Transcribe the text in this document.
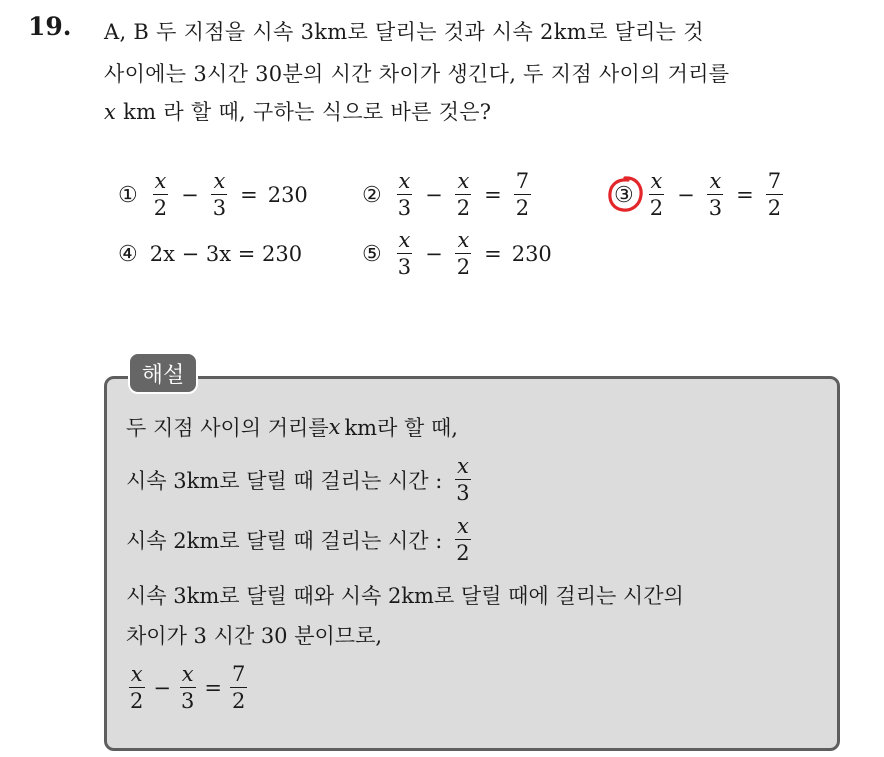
19. A, B 두 지점을 시속 3km로 달리는 것과 시속 2km로 달리는 것
사이에는 3시간 30분의 시간 차이가 생긴다, 두 지점 사이의 거리를
x km 라 할 때, 구하는 식으로 바른 것은?
① $\frac{x}{2} - \frac{x}{3} = 230$ ② $\frac{x}{3} - \frac{x}{2} = \frac{7}{2}$	③ $\frac{x}{2} - \frac{x}{3} = \frac{7}{2}$
④ 2x − 3x = 230	⑤ $\frac{x}{3} - \frac{x}{2} = 230$
해설
두 지점 사이의 거리를 x km라 할 때,
시속 3km로 달릴 때 걸리는 시간 : $\frac{x}{3}$
시속 2km로 달릴 때 걸리는 시간 : $\frac{x}{2}$
시속 3km로 달릴 때와 시속 2km로 달릴 때에 걸리는 시간의
차이가 3 시간 30 분이므로,
$\frac{x}{2} - \frac{x}{3} = \frac{7}{2}$
